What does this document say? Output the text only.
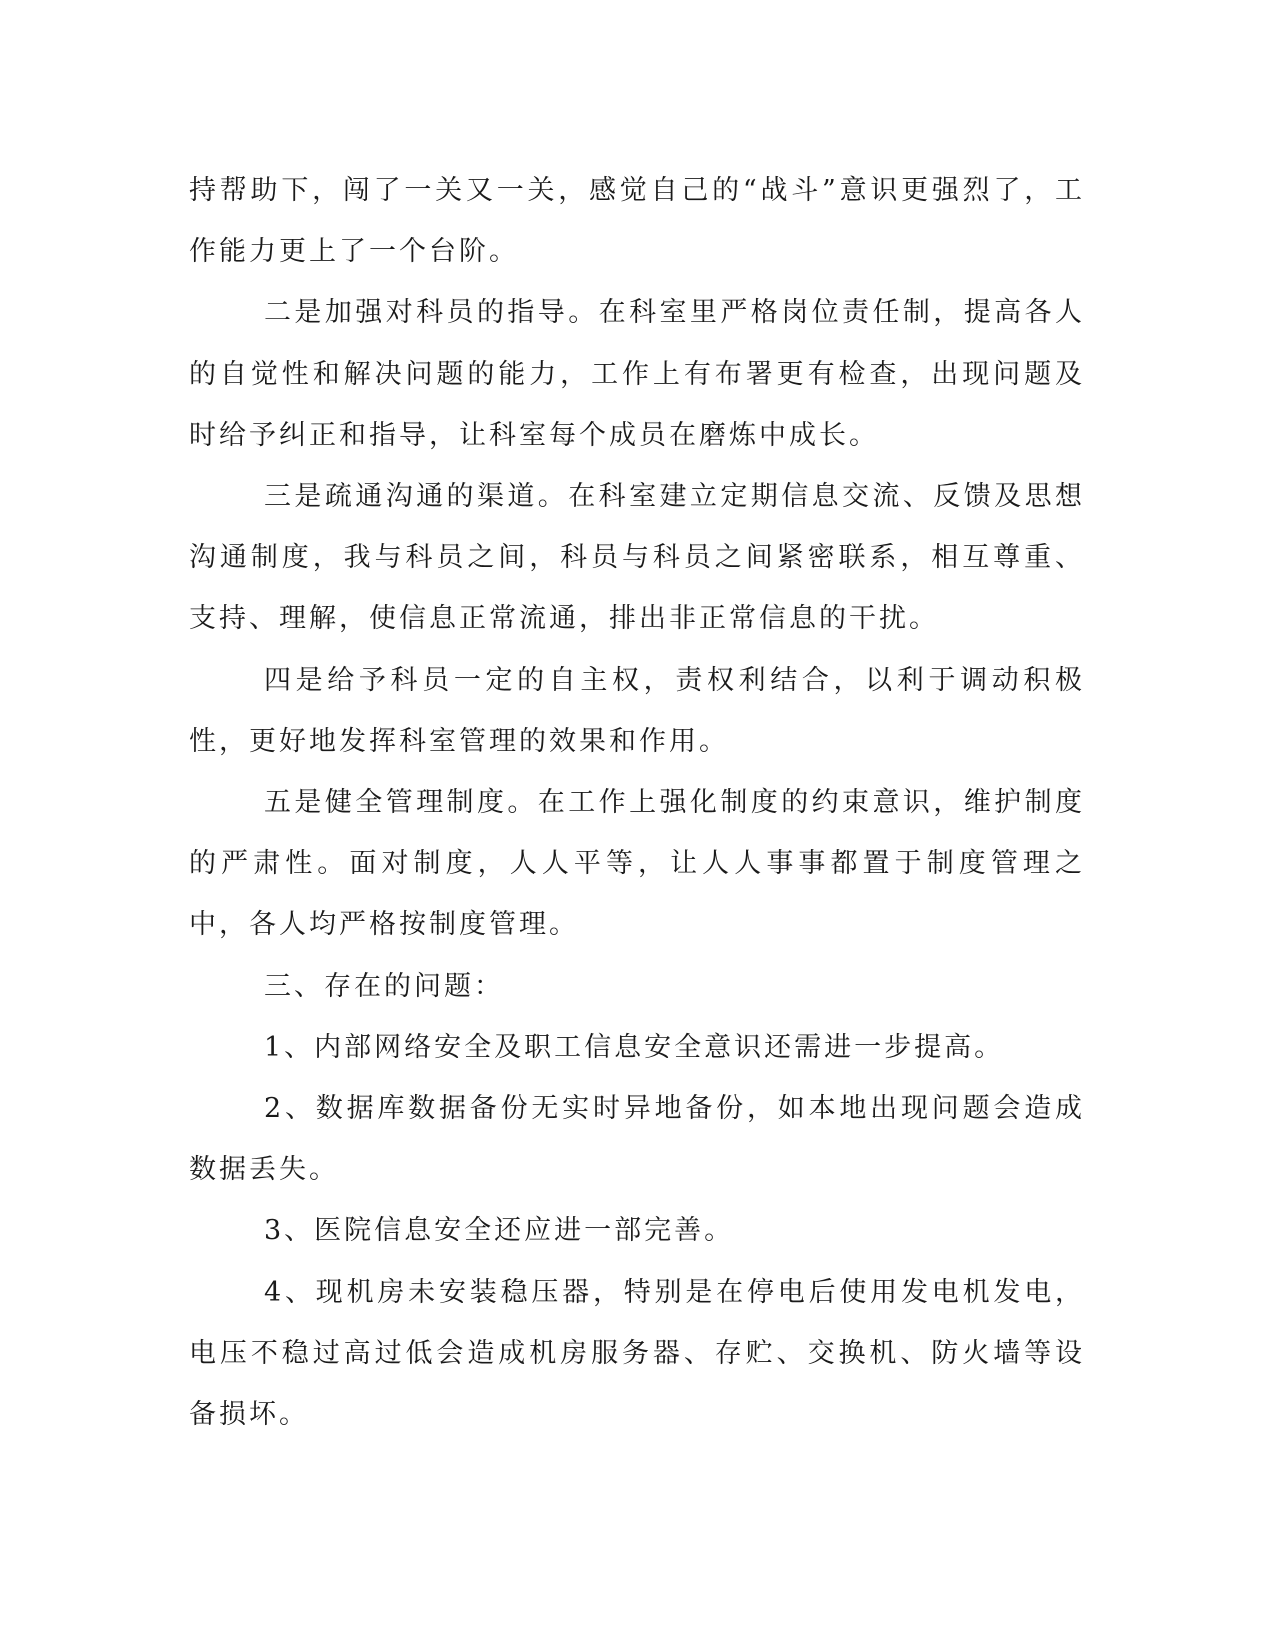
持帮助下，闯了一关又一关，感觉自己的“战斗”意识更强烈了，工作能力更上了一个台阶。

二是加强对科员的指导。在科室里严格岗位责任制，提高各人的自觉性和解决问题的能力，工作上有布署更有检查，出现问题及时给予纠正和指导，让科室每个成员在磨炼中成长。

三是疏通沟通的渠道。在科室建立定期信息交流、反馈及思想沟通制度，我与科员之间，科员与科员之间紧密联系，相互尊重、支持、理解，使信息正常流通，排出非正常信息的干扰。

四是给予科员一定的自主权，责权利结合，以利于调动积极性，更好地发挥科室管理的效果和作用。

五是健全管理制度。在工作上强化制度的约束意识，维护制度的严肃性。面对制度，人人平等，让人人事事都置于制度管理之中，各人均严格按制度管理。

三、存在的问题：

1、内部网络安全及职工信息安全意识还需进一步提高。

2、数据库数据备份无实时异地备份，如本地出现问题会造成数据丢失。

3、医院信息安全还应进一部完善。

4、现机房未安装稳压器，特别是在停电后使用发电机发电，电压不稳过高过低会造成机房服务器、存贮、交换机、防火墙等设备损坏。
